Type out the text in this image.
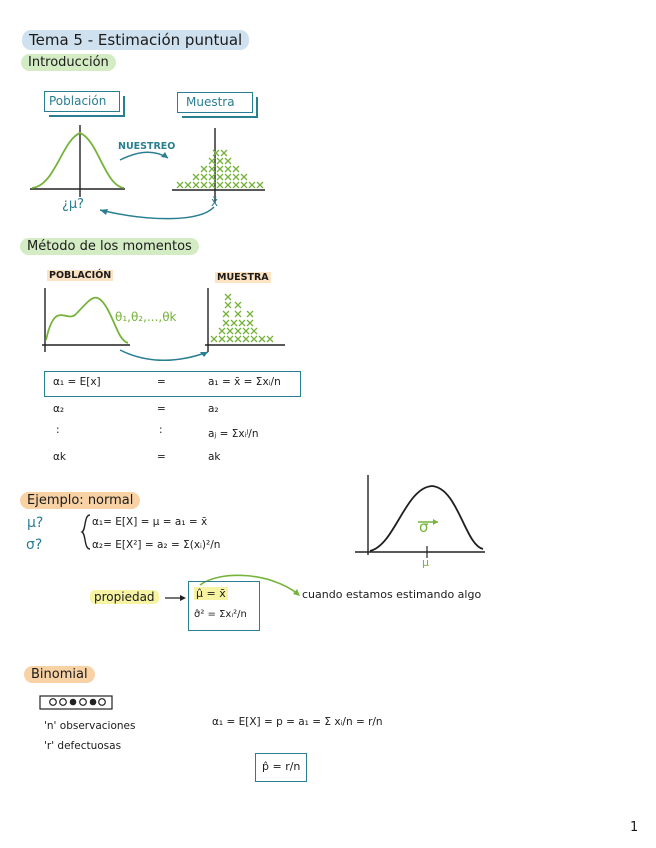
Tema 5 - Estimación puntual
Introducción
Método de los momentos
Ejemplo: normal
Binomial
Población	Muestra
NUESTREO
¿μ?	x̄
POBLACIÓN	MUESTRA
θ₁,θ₂,...,θk
α₁ = E[x]	=	a₁ = x̄ = Σxᵢ/n
α₂	=	a₂
:	:	aⱼ = Σxᵢʲ/n
αk	=	ak
μ?
σ?
α₁= E[X] = μ = a₁ = x̄
α₂= E[X²] = a₂ = Σ(xᵢ)²/n
σ
μ
propiedad	μ̂ = x̄
σ̂² = Σxᵢ²/n
cuando estamos estimando algo
'n' observaciones
'r' defectuosas
α₁ = E[X] = p = a₁ = Σ xᵢ/n = r/n
p̂ = r/n
1
